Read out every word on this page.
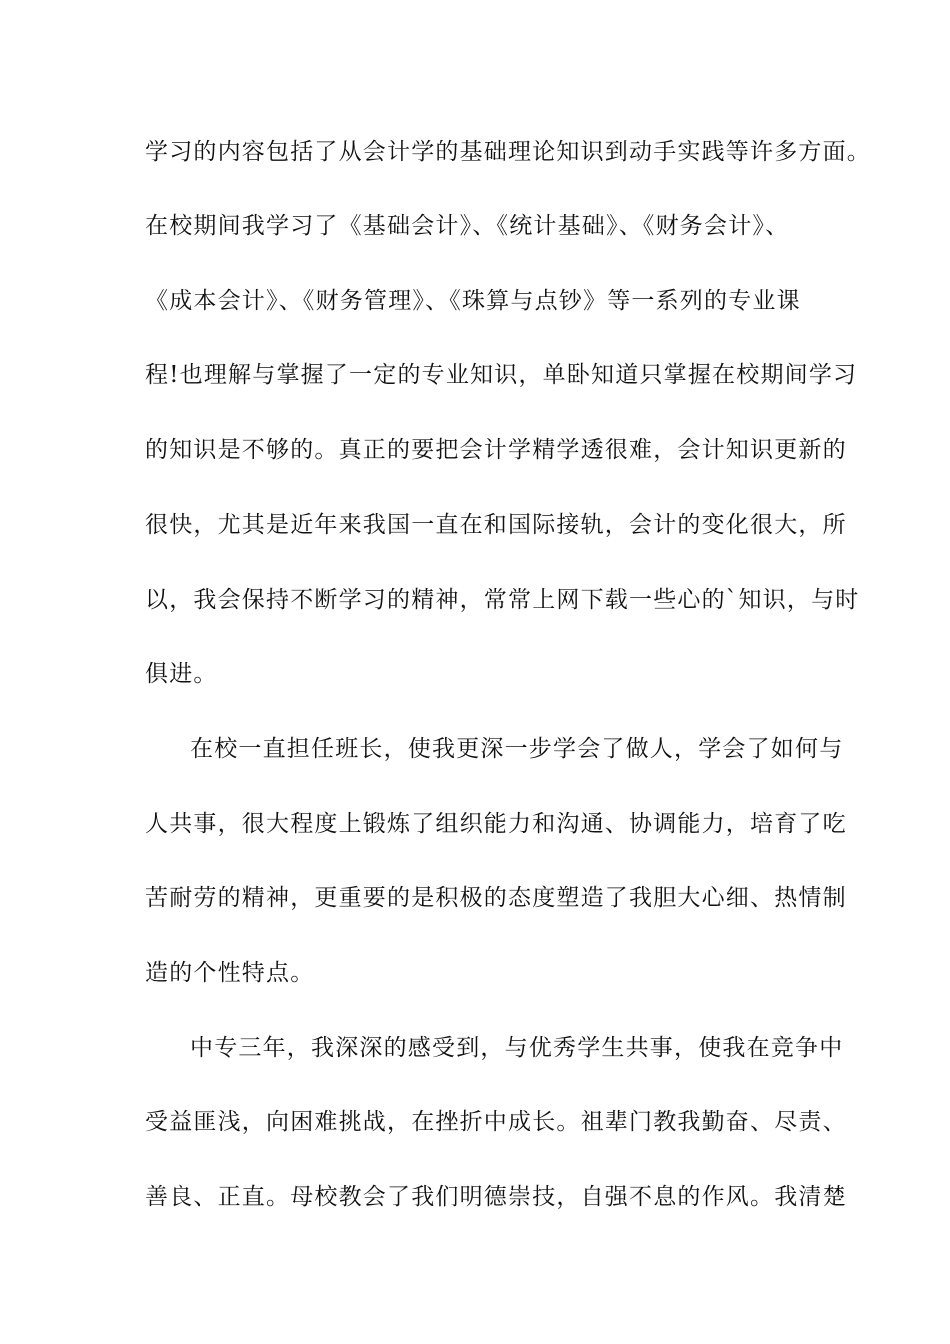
学习的内容包括了从会计学的基础理论知识到动手实践等许多方面。
在校期间我学习了《基础会计》、《统计基础》、《财务会计》、
《成本会计》、《财务管理》、《珠算与点钞》等一系列的专业课
程!也理解与掌握了一定的专业知识，单卧知道只掌握在校期间学习
的知识是不够的。真正的要把会计学精学透很难，会计知识更新的
很快，尤其是近年来我国一直在和国际接轨，会计的变化很大，所
以，我会保持不断学习的精神，常常上网下载一些心的`知识，与时
俱进。
在校一直担任班长，使我更深一步学会了做人，学会了如何与
人共事，很大程度上锻炼了组织能力和沟通、协调能力，培育了吃
苦耐劳的精神，更重要的是积极的态度塑造了我胆大心细、热情制
造的个性特点。
中专三年，我深深的感受到，与优秀学生共事，使我在竞争中
受益匪浅，向困难挑战，在挫折中成长。祖辈门教我勤奋、尽责、
善良、正直。母校教会了我们明德崇技，自强不息的作风。我清楚
